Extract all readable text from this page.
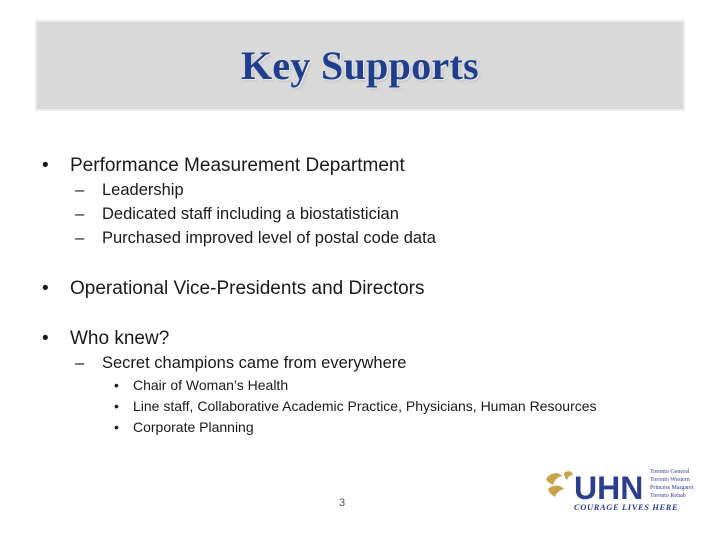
Key Supports
• Performance Measurement Department
– Leadership
– Dedicated staff including a biostatistician
– Purchased improved level of postal code data
• Operational Vice-Presidents and Directors
• Who knew?
– Secret champions came from everywhere
• Chair of Woman’s Health
• Line staff, Collaborative Academic Practice, Physicians, Human Resources
• Corporate Planning
3	UHN Toronto General
Toronto Western
Princess Margaret
Toronto Rehab
COURAGE LIVES HERE
